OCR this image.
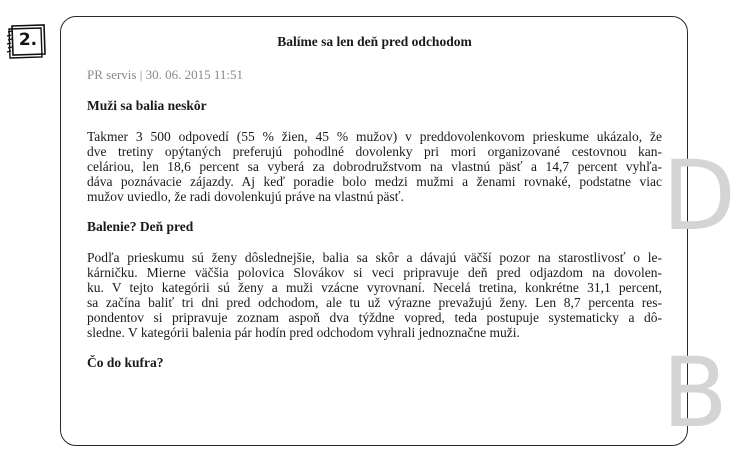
2.	Balíme sa len deň pred odchodom
PR servis | 30. 06. 2015 11:51
Muži sa balia neskôr
Takmer 3 500 odpovedí (55 % žien, 45 % mužov) v preddovolenkovom prieskume ukázalo, že
dve tretiny opýtaných preferujú pohodlné dovolenky pri mori organizované cestovnou kan-
celáriou, len 18,6 percent sa vyberá za dobrodružstvom na vlastnú päsť a 14,7 percent vyhľa-
dáva poznávacie zájazdy. Aj keď poradie bolo medzi mužmi a ženami rovnaké, podstatne viac
mužov uviedlo, že radi dovolenkujú práve na vlastnú päsť.
Balenie? Deň pred
Podľa prieskumu sú ženy dôslednejšie, balia sa skôr a dávajú väčší pozor na starostlivosť o le-
kárničku. Mierne väčšia polovica Slovákov si veci pripravuje deň pred odjazdom na dovolen-
ku. V tejto kategórii sú ženy a muži vzácne vyrovnaní. Necelá tretina, konkrétne 31,1 percent,
sa začína baliť tri dni pred odchodom, ale tu už výrazne prevažujú ženy. Len 8,7 percenta res-
pondentov si pripravuje zoznam aspoň dva týždne vopred, teda postupuje systematicky a dô-
sledne. V kategórii balenia pár hodín pred odchodom vyhrali jednoznačne muži.
Čo do kufra?
D
B
